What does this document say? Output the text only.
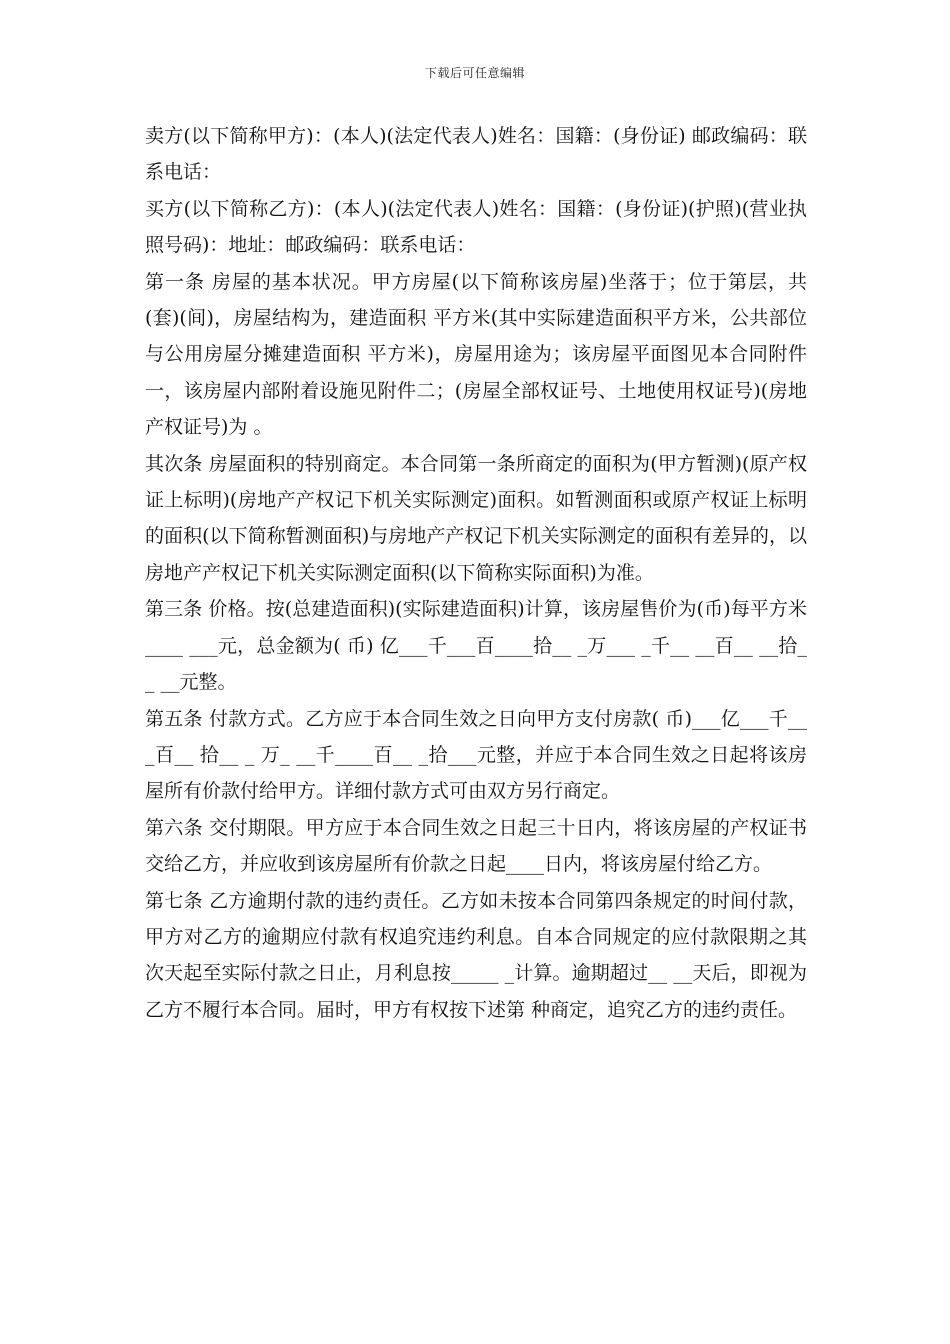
下载后可任意编辑

卖方(以下简称甲方)：(本人)(法定代表人)姓名：国籍：(身份证) 邮政编码：联系电话：

买方(以下简称乙方)：(本人)(法定代表人)姓名：国籍：(身份证)(护照)(营业执照号码)：地址：邮政编码：联系电话：

第一条 房屋的基本状况。甲方房屋(以下简称该房屋)坐落于；位于第层，共 (套)(间)，房屋结构为，建造面积 平方米(其中实际建造面积平方米，公共部位与公用房屋分摊建造面积 平方米)，房屋用途为；该房屋平面图见本合同附件一，该房屋内部附着设施见附件二；(房屋全部权证号、土地使用权证号)(房地产权证号)为 。

其次条 房屋面积的特别商定。本合同第一条所商定的面积为(甲方暂测)(原产权证上标明)(房地产产权记下机关实际测定)面积。如暂测面积或原产权证上标明的面积(以下简称暂测面积)与房地产产权记下机关实际测定的面积有差异的，以房地产产权记下机关实际测定面积(以下简称实际面积)为准。

第三条 价格。按(总建造面积)(实际建造面积)计算，该房屋售价为(币)每平方米____ ___元，总金额为( 币) 亿___千___百____拾__ _万___ _千__ __百__ __拾__ __元整。

第五条 付款方式。乙方应于本合同生效之日向甲方支付房款( 币)___亿___千___百__ 拾__ _ 万_ __千____百__ _拾___元整，并应于本合同生效之日起将该房屋所有价款付给甲方。详细付款方式可由双方另行商定。

第六条 交付期限。甲方应于本合同生效之日起三十日内，将该房屋的产权证书交给乙方，并应收到该房屋所有价款之日起____日内，将该房屋付给乙方。

第七条 乙方逾期付款的违约责任。乙方如未按本合同第四条规定的时间付款，甲方对乙方的逾期应付款有权追究违约利息。自本合同规定的应付款限期之其次天起至实际付款之日止，月利息按_____ _计算。逾期超过__ __天后，即视为乙方不履行本合同。届时，甲方有权按下述第 种商定，追究乙方的违约责任。
